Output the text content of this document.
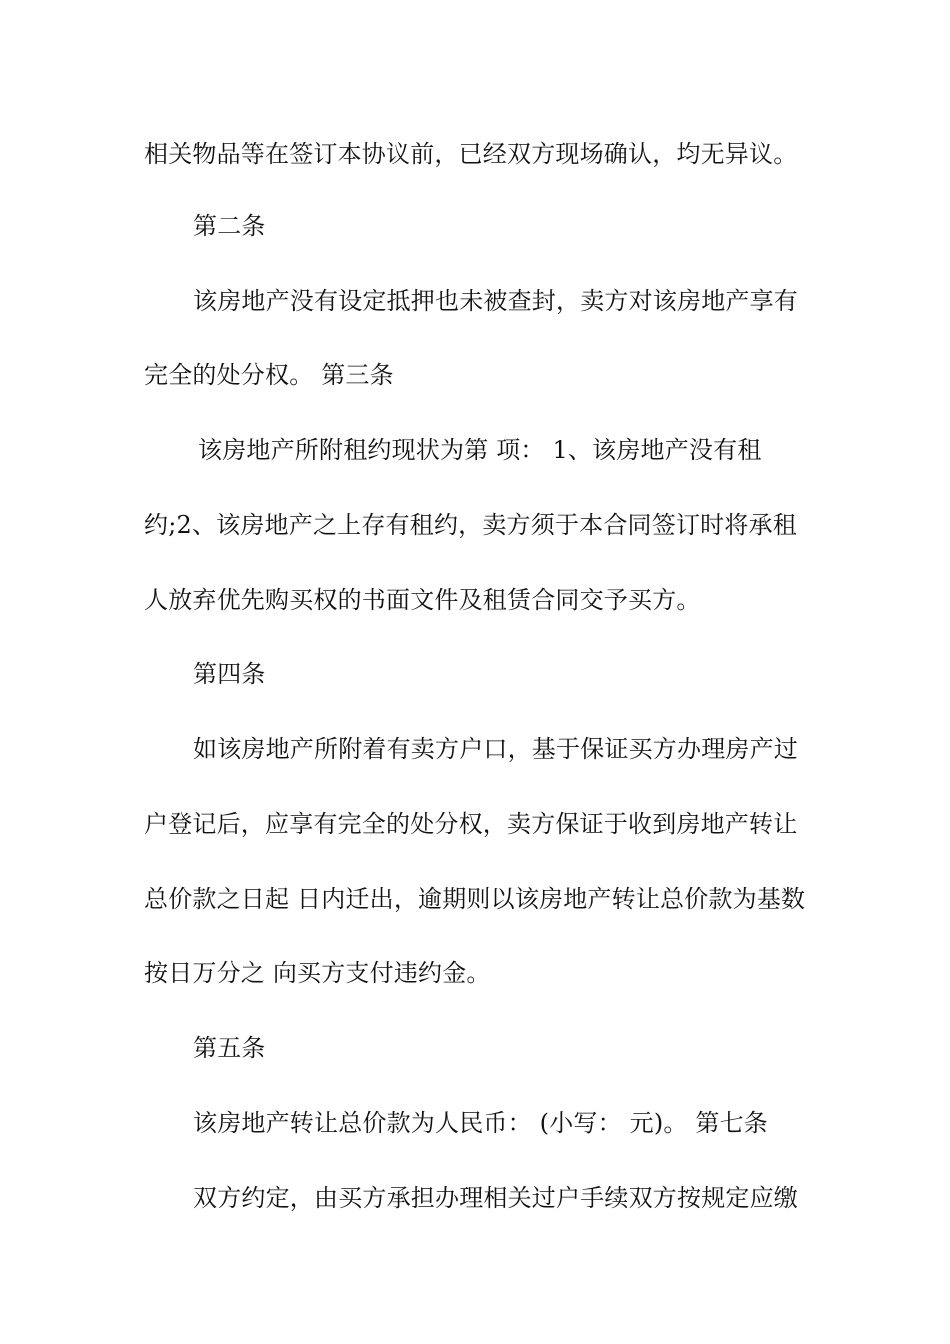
相关物品等在签订本协议前，已经双方现场确认，均无异议。
第二条
该房地产没有设定抵押也未被查封，卖方对该房地产享有
完全的处分权。 第三条
该房地产所附租约现状为第 项： 1、该房地产没有租
约;2、该房地产之上存有租约，卖方须于本合同签订时将承租
人放弃优先购买权的书面文件及租赁合同交予买方。
第四条
如该房地产所附着有卖方户口，基于保证买方办理房产过
户登记后，应享有完全的处分权，卖方保证于收到房地产转让
总价款之日起 日内迁出，逾期则以该房地产转让总价款为基数
按日万分之 向买方支付违约金。
第五条
该房地产转让总价款为人民币： (小写： 元)。 第七条
双方约定，由买方承担办理相关过户手续双方按规定应缴
